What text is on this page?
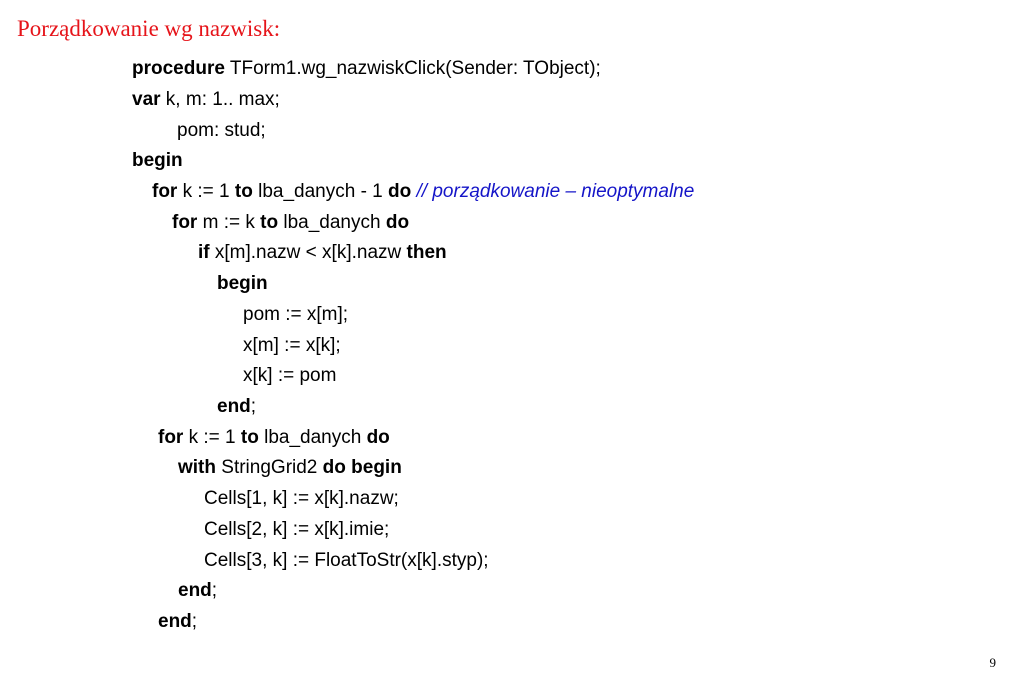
Porządkowanie wg nazwisk:
procedure TForm1.wg_nazwiskClick(Sender: TObject);
var k, m: 1.. max;
pom: stud;
begin
for k := 1 to lba_danych - 1 do // porządkowanie – nieoptymalne
for m := k to lba_danych do
if x[m].nazw < x[k].nazw then
begin
pom := x[m];
x[m] := x[k];
x[k] := pom
end;
for k := 1 to lba_danych do
with StringGrid2 do begin
Cells[1, k] := x[k].nazw;
Cells[2, k] := x[k].imie;
Cells[3, k] := FloatToStr(x[k].styp);
end;
end;
9
